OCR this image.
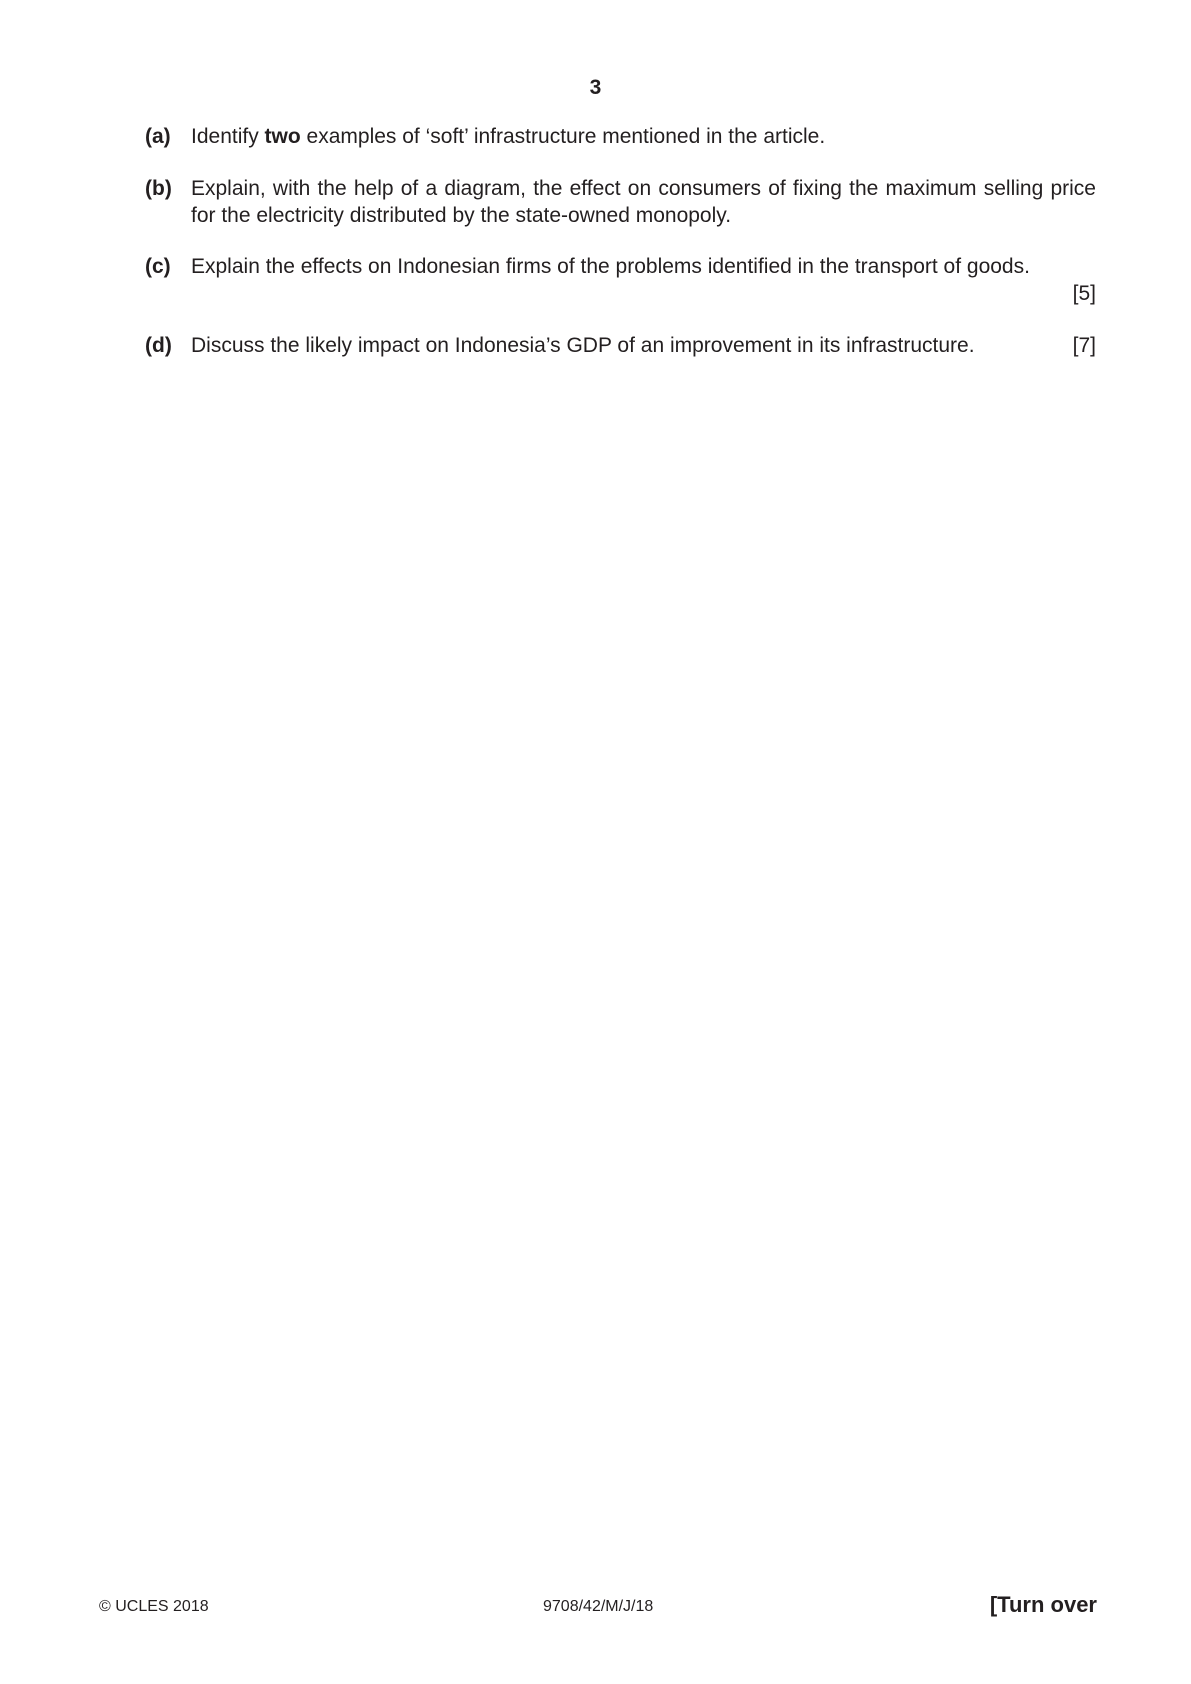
3
(a) Identify two examples of ‘soft’ infrastructure mentioned in the article.
(b) Explain, with the help of a diagram, the effect on consumers of fixing the maximum selling price for the electricity distributed by the state-owned monopoly.
(c) Explain the effects on Indonesian firms of the problems identified in the transport of goods.
[5]
(d) Discuss the likely impact on Indonesia’s GDP of an improvement in its infrastructure.	[7]
© UCLES 2018	9708/42/M/J/18	[Turn over
